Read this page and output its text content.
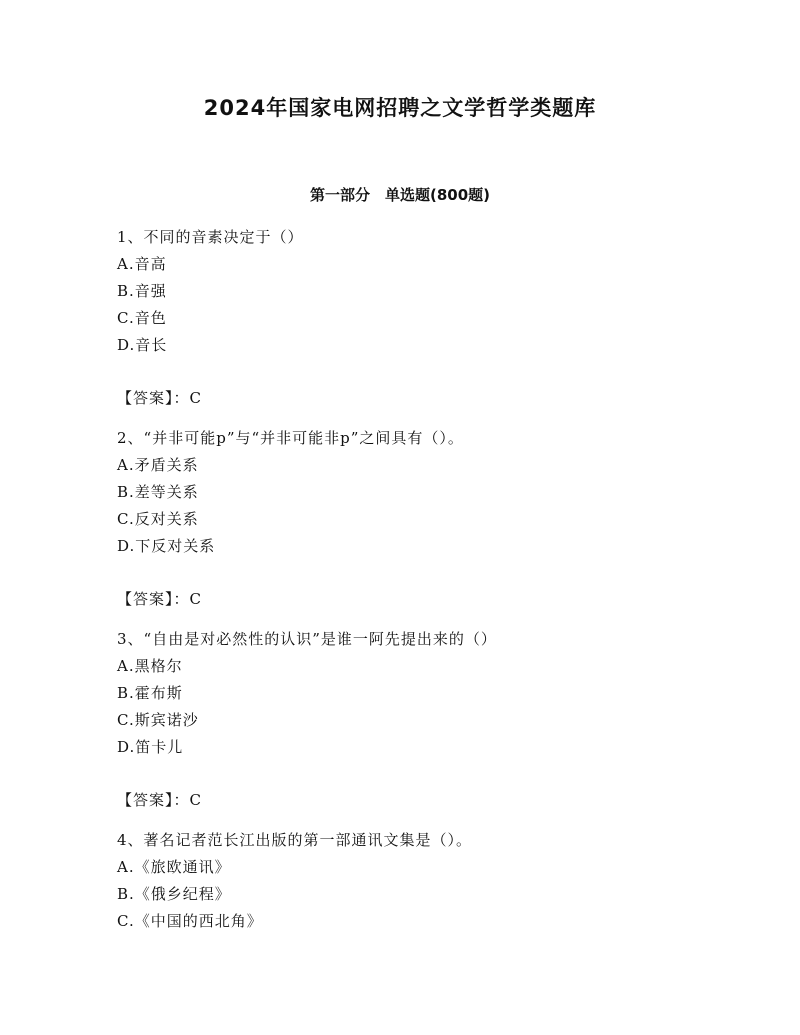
2024年国家电网招聘之文学哲学类题库
第一部分　单选题(800题)
1、不同的音素决定于（）
A.音高
B.音强
C.音色
D.音长
【答案】：C
2、“并非可能p”与“并非可能非p”之间具有（）。
A.矛盾关系
B.差等关系
C.反对关系
D.下反对关系
【答案】：C
3、“自由是对必然性的认识”是谁一阿先提出来的（）
A.黑格尔
B.霍布斯
C.斯宾诺沙
D.笛卡儿
【答案】：C
4、著名记者范长江出版的第一部通讯文集是（）。
A.《旅欧通讯》
B.《俄乡纪程》
C.《中国的西北角》
